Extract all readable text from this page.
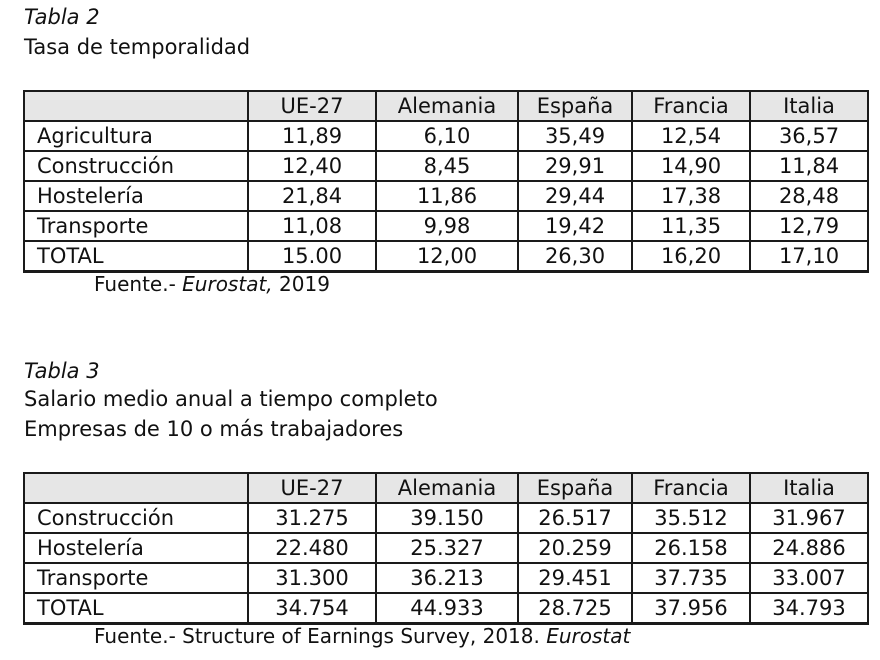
Tabla 2
Tasa de temporalidad
	UE-27	Alemania	España	Francia	Italia
Agricultura	11,89	6,10	35,49	12,54	36,57
Construcción	12,40	8,45	29,91	14,90	11,84
Hostelería	21,84	11,86	29,44	17,38	28,48
Transporte	11,08	9,98	19,42	11,35	12,79
TOTAL	15.00	12,00	26,30	16,20	17,10
Fuente.- Eurostat, 2019
Tabla 3
Salario medio anual a tiempo completo
Empresas de 10 o más trabajadores
	UE-27	Alemania	España	Francia	Italia
Construcción	31.275	39.150	26.517	35.512	31.967
Hostelería	22.480	25.327	20.259	26.158	24.886
Transporte	31.300	36.213	29.451	37.735	33.007
TOTAL	34.754	44.933	28.725	37.956	34.793
Fuente.- Structure of Earnings Survey, 2018. Eurostat
